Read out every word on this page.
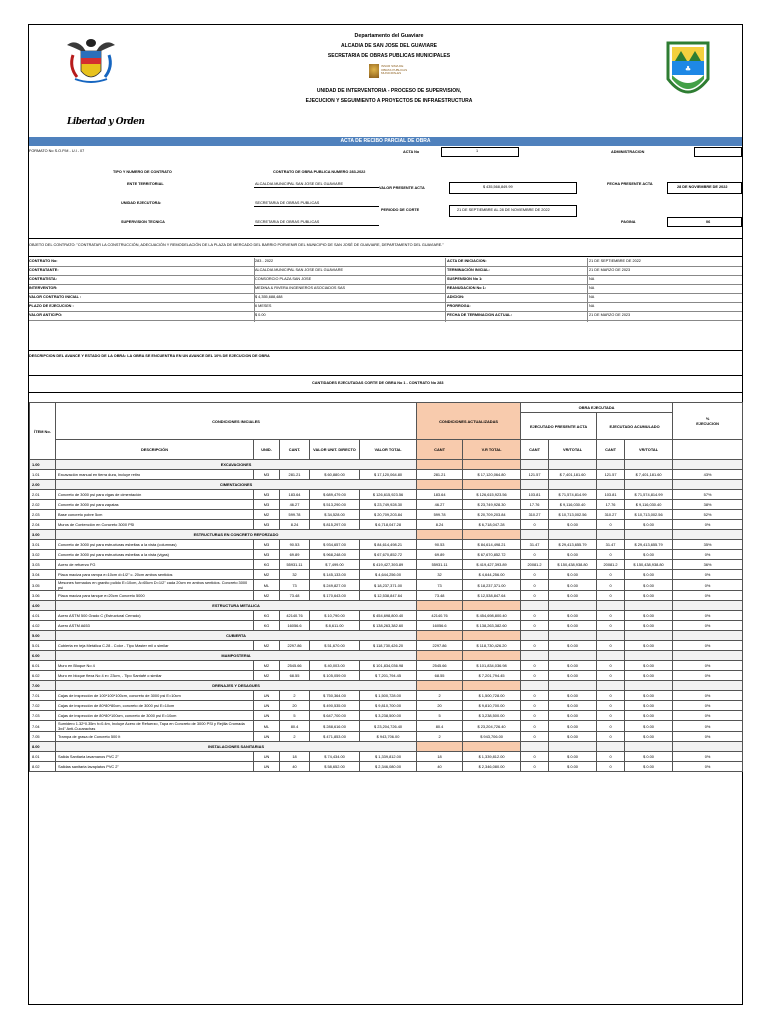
Libertad y Orden
Departamento del Guaviare
ALCADIA DE SAN JOSE DEL GUAVIARE
SECRETARIA DE OBRAS PUBLICAS MUNICIPALES
INSUR SIMA DE OBRAS PUBLICAS MUNICIPALES
UNIDAD DE INTERVENTORIA - PROCESO DE SUPERVISION,
EJECUCION Y SEGUIMIENTO A PROYECTOS DE INFRAESTRUCTURA
♣
ACTA DE RECIBO PARCIAL DE OBRA
FORMATO No S.O.P.M - U.I - 07	ACTA No	1	ADMINISTRACION
TIPO Y NUMERO DE CONTRATO	CONTRATO DE OBRA PUBLICA NUMERO 283-2022
ENTE TERRITORIAL	ALCALDIA MUNICIPAL SAN JOSE DEL GUAVIARE
VALOR PRESENTE ACTA	$ 435,568,849.99
FECHA PRESENTE ACTA
28 DE NOVIEMBRE DE 2022
UNIDAD EJECUTORA:	SECRETARIA DE OBRAS PUBLICAS
PERIODO DE CORTE	21 DE SEPTIEMBRE AL 28 DE NOVIEMBRE DE 2022
SUPERVISION TECNICA	SECRETARIA DE OBRAS PUBLICAS	PAGINA	06
OBJETO DEL CONTRATO: "CONTRATAR LA CONSTRUCCIÓN, ADECUACIÓN Y REMODELACIÓN DE LA PLAZA DE MERCADO DEL BARRIO PORVENIR DEL MUNICIPIO DE SAN JOSÉ DE GUAVIARE, DEPARTAMENTO DEL GUAVIARE."
CONTRATO No:	283 - 2022	ACTA DE INICIACION:	21 DE SEPTIEMBRE DE 2022
CONTRATANTE:	ALCALDIA MUNICIPAL SAN JOSE DEL GUAVIARE	TERMINACIÓN INICIAL:	21 DE MARZO DE 2023
CONTRATISTA:	CONSORCIO PLAZA SAN JOSE	SUSPENSION No 1:	NA
INTERVENTOR:	MEDINA & RIVERA INGENIEROS ASOCIADOS SAS	REANUDACION No 1:	NA
VALOR CONTRATO INICIAL :	$ 4,355,688,488	ADICION:	NA
PLAZO DE EJECUCION :	6 MESES	PRORROGA:	NA
VALOR ANTICIPO:	$ 0.00	FECHA DE TERMINACION ACTUAL:	21 DE MARZO DE 2023
DESCRIPCION DEL AVANCE Y ESTADO DE LA OBRA: LA OBRA SE ENCUENTRA EN UN AVANCE DEL 10% DE EJECUCION DE OBRA
CANTIDADES EJECUTADAS CORTE DE OBRA No 1 - CONTRATO No 283
ÍTEM No.	CONDICIONES INICIALES					CONDICIONES ACTUALIZADAS		OBRA EJECUTADA				%
EJECUCION
								EJECUTADO PRESENTE ACTA		EJECUTADO ACUMULADO		
	DESCRIPCIÓN	UNID.	CANT.	VALOR UNIT. DIRECTO	VALOR TOTAL	CANT	V.R TOTAL	CANT	VR/TOTAL	CANT	VR/TOTAL	
1.00	EXCAVACIONES											
1.01	Excavación manual en tierra dura, incluye retiro	M3	281.21	$ 60,880.00	$ 17,120,064.80	281.21	$ 17,120,064.80	121.57	$ 7,401,181.60	121.57	$ 7,401,181.60	43%
2.00	CIMENTACIONES											
2.01	Concreto de 3000 psi para vigas de cimentación	M3	183.64	$ 689,479.00	$ 126,615,923.56	183.64	$ 126,615,923.56	103.81	$ 71,574,814.99	103.81	$ 71,574,814.99	57%
2.02	Concreto de 3000 psi para zapatas	M3	46.27	$ 513,290.00	$ 23,749,928.30	46.27	$ 23,749,928.30	17.76	$ 9,116,030.40	17.76	$ 9,116,030.40	38%
2.03	Base concreto pobre 5cm	M2	599.78	$ 34,528.00	$ 20,709,203.84	599.78	$ 20,709,203.84	310.27	$ 10,713,002.56	310.27	$ 10,713,002.56	52%
2.04	Muros de Contención en Concreto 3000 PSI	M3	8.24	$ 815,297.00	$ 6,718,047.28	8.24	$ 6,718,047.28	0	$ 0.00	0	$ 0.00	0%
3.00	ESTRUCTURAS EN CONCRETO REFORZADO											
3.01	Concreto de 3000 psi para estructuras esbeltas a la vista (columnas)	M3	90.53	$ 934,657.00	$ 84,614,498.21	90.53	$ 84,614,498.21	31.47	$ 29,413,655.79	31.47	$ 29,413,655.79	35%
3.02	Concreto de 3000 psi para estructuras esbeltas a la vista (vigas)	M3	69.89	$ 968,248.00	$ 67,670,852.72	69.89	$ 67,670,852.72	0	$ 0.00	0	$ 0.00	0%
3.03	Acero de refuerzo FG	KG	55931.11	$ 7,499.00	$ 419,427,393.89	55931.11	$ 419,427,393.89	20081.2	$ 150,438,938.80	20081.2	$ 150,438,938.80	36%
3.04	Placa maciza para rampa e=10cm d=1/2" c. 20cm ambos sentidos	M2	32	$ 145,133.00	$ 4,644,256.00	32	$ 4,644,256.00	0	$ 0.00	0	$ 0.00	0%
3.05	Mesones formados en granito pulido E=10cm, A=65cm D=1/2" cada 20cm en ambos sentidos. Concreto 3000 psi	ML	73	$ 249,827.00	$ 18,237,371.00	73	$ 18,237,371.00	0	$ 0.00	0	$ 0.00	0%
3.06	Placa maciza para tanque e=20cm Concreto 5000	M2	73.48	$ 170,643.00	$ 12,538,847.64	73.48	$ 12,538,847.64	0	$ 0.00	0	$ 0.00	0%
4.00	ESTRUCTURA METALICA											
4.01	Acero ASTM 500 Grado C (Estructural Cerrado)	KG	42140.76	$ 10,790.00	$ 454,698,800.40	42140.76	$ 454,698,800.40	0	$ 0.00	0	$ 0.00	0%
4.02	Acero ASTM A653	KG	16056.6	$ 8,611.00	$ 138,263,382.60	16056.6	$ 138,263,382.60	0	$ 0.00	0	$ 0.00	0%
5.00	CUBIERTA											
5.01	Cubierta en teja Metálica C.28 - Color - Tipo Master mil o similar	M2	2297.86	$ 51,670.00	$ 118,730,426.20	2297.86	$ 118,730,426.20	0	$ 0.00	0	$ 0.00	0%
6.00	MAMPOSTERIA											
6.01	Muro en Bloque No 4	M2	2545.66	$ 40,003.00	$ 101,834,036.98	2545.66	$ 101,834,036.98	0	$ 0.00	0	$ 0.00	0%
6.02	Muro en bloque flexa No 4 e= 23cm, - Tipo Santafé o similar	M2	68.55	$ 105,059.00	$ 7,201,794.45	68.55	$ 7,201,794.45	0	$ 0.00	0	$ 0.00	0%
7.00	DRENAJES Y DESAGUES											
7.01	Cajas de inspección de 100*100*100cm, concreto de 3000 psi E=10cm	UN	2	$ 750,364.00	$ 1,500,728.00	2	$ 1,500,728.00	0	$ 0.00	0	$ 0.00	0%
7.02	Cajas de inspección de 80*80*80cm, concreto de 3000 psi E=10cm	UN	20	$ 490,535.00	$ 9,810,700.00	20	$ 9,810,700.00	0	$ 0.00	0	$ 0.00	0%
7.03	Cajas de inspección de 80*80*100cm, concreto de 3000 psi E=10cm	UN	5	$ 647,700.00	$ 3,238,500.00	5	$ 3,238,500.00	0	$ 0.00	0	$ 0.00	0%
7.04	Sumidero 1.32*0.35m h=0.4m, Incluye Acero de Refuerzo, Tapa en Concreto de 3000 PSI y Rejilla Cromada 3x4" Anti-Cucarachas	ML	80.4	$ 288,616.00	$ 23,204,726.40	80.4	$ 23,204,726.40	0	$ 0.00	0	$ 0.00	0%
7.05	Trampa de grasa de Concreto 500 lt	UN	2	$ 471,853.00	$ 943,706.00	2	$ 943,706.00	0	$ 0.00	0	$ 0.00	0%
8.00	INSTALACIONES SANITARIAS											
8.01	Salida Santiaria lavamanos PVC 2"	UN	18	$ 74,434.00	$ 1,339,812.00	18	$ 1,339,812.00	0	$ 0.00	0	$ 0.00	0%
8.02	Salidas sanitaria lavaplatos PVC 2"	UN	40	$ 58,652.00	$ 2,346,080.00	40	$ 2,346,080.00	0	$ 0.00	0	$ 0.00	0%
